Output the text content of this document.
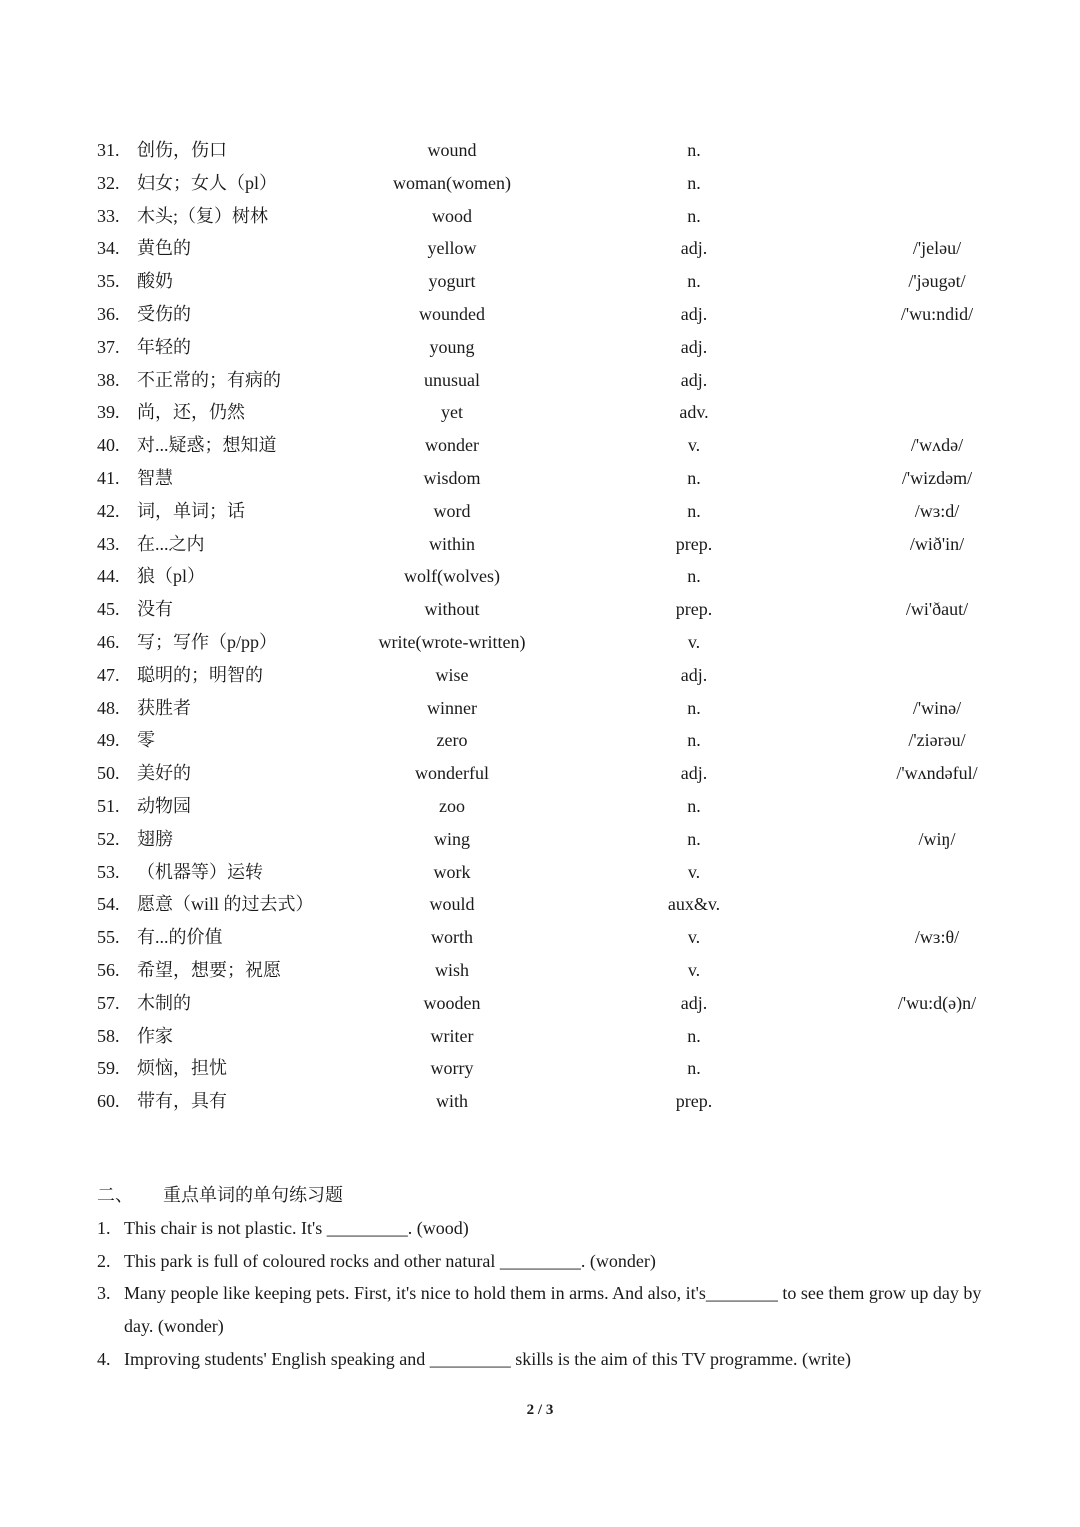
31. 创伤，伤口	wound	n.
32. 妇女；女人（pl）	woman(women)	n.
33. 木头;（复）树林	wood	n.
34. 黄色的	yellow	adj.	/'jeləu/
35. 酸奶	yogurt	n.	/'jəugət/
36. 受伤的	wounded	adj.	/'wu:ndid/
37. 年轻的	young	adj.
38. 不正常的；有病的	unusual	adj.
39. 尚，还，仍然	yet	adv.
40. 对...疑惑；想知道	wonder	v.	/'wʌdə/
41. 智慧	wisdom	n.	/'wizdəm/
42. 词，单词；话	word	n.	/wɜ:d/
43. 在...之内	within	prep.	/wið'in/
44. 狼（pl）	wolf(wolves)	n.
45. 没有	without	prep.	/wi'ðaut/
46. 写；写作（p/pp）	write(wrote-written)	v.
47. 聪明的；明智的	wise	adj.
48. 获胜者	winner	n.	/'winə/
49. 零	zero	n.	/'ziərəu/
50. 美好的	wonderful	adj.	/'wʌndəful/
51. 动物园	zoo	n.
52. 翅膀	wing	n.	/wiŋ/
53. （机器等）运转	work	v.
54. 愿意（will 的过去式）	would	aux&v.
55. 有...的价值	worth	v.	/wɜ:θ/
56. 希望，想要；祝愿	wish	v.
57. 木制的	wooden	adj.	/'wu:d(ə)n/
58. 作家	writer	n.
59. 烦恼，担忧	worry	n.
60. 带有，具有	with	prep.
二、 重点单词的单句练习题
1. This chair is not plastic. It's _________. (wood)
2. This park is full of coloured rocks and other natural _________. (wonder)
3. Many people like keeping pets. First, it's nice to hold them in arms. And also, it's________ to see them grow up day by day. (wonder)
4. Improving students' English speaking and _________ skills is the aim of this TV programme. (write)
2 / 3
